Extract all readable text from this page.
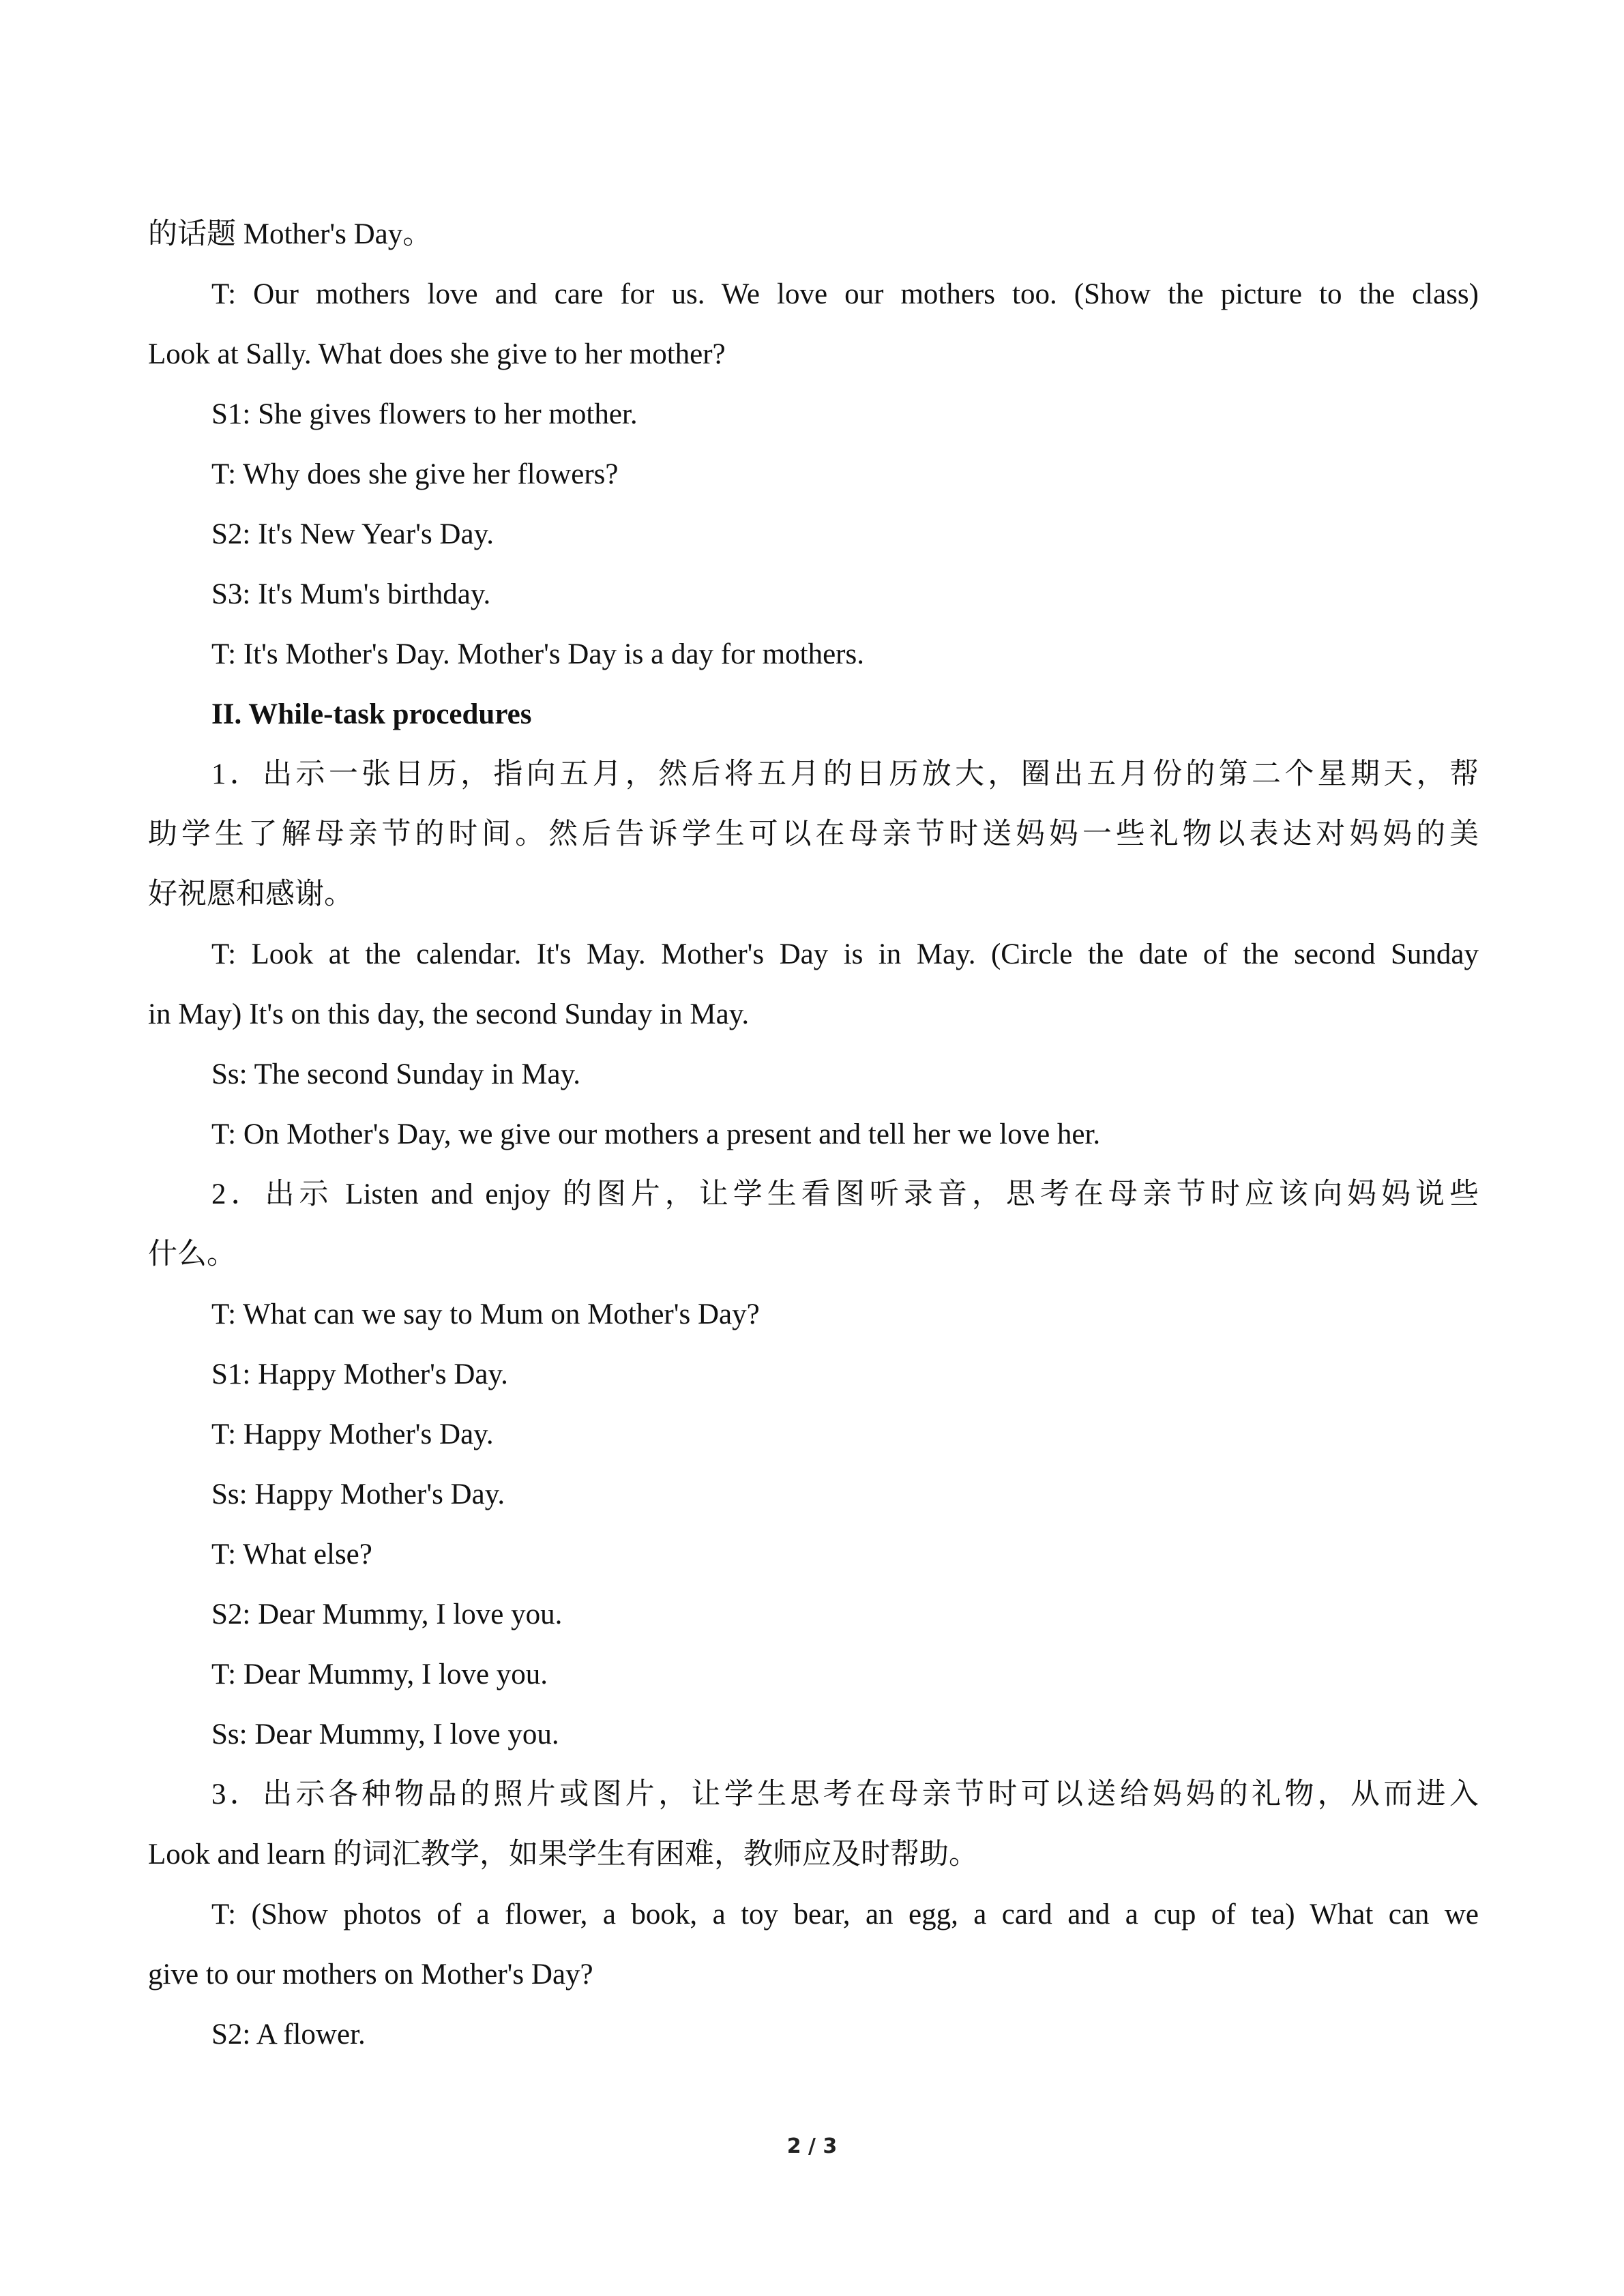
的话题 Mother's Day。
T: Our mothers love and care for us. We love our mothers too. (Show the picture to the class)
Look at Sally. What does she give to her mother?
S1: She gives flowers to her mother.
T: Why does she give her flowers?
S2: It's New Year's Day.
S3: It's Mum's birthday.
T: It's Mother's Day. Mother's Day is a day for mothers.
II. While-task procedures
1．出示一张日历，指向五月，然后将五月的日历放大，圈出五月份的第二个星期天，帮
助学生了解母亲节的时间。然后告诉学生可以在母亲节时送妈妈一些礼物以表达对妈妈的美
好祝愿和感谢。
T: Look at the calendar. It's May. Mother's Day is in May. (Circle the date of the second Sunday
in May) It's on this day, the second Sunday in May.
Ss: The second Sunday in May.
T: On Mother's Day, we give our mothers a present and tell her we love her.
2．出示 Listen and enjoy 的图片，让学生看图听录音，思考在母亲节时应该向妈妈说些
什么。
T: What can we say to Mum on Mother's Day?
S1: Happy Mother's Day.
T: Happy Mother's Day.
Ss: Happy Mother's Day.
T: What else?
S2: Dear Mummy, I love you.
T: Dear Mummy, I love you.
Ss: Dear Mummy, I love you.
3．出示各种物品的照片或图片，让学生思考在母亲节时可以送给妈妈的礼物，从而进入
Look and learn 的词汇教学，如果学生有困难，教师应及时帮助。
T: (Show photos of a flower, a book, a toy bear, an egg, a card and a cup of tea) What can we
give to our mothers on Mother's Day?
S2: A flower.
2 / 3
